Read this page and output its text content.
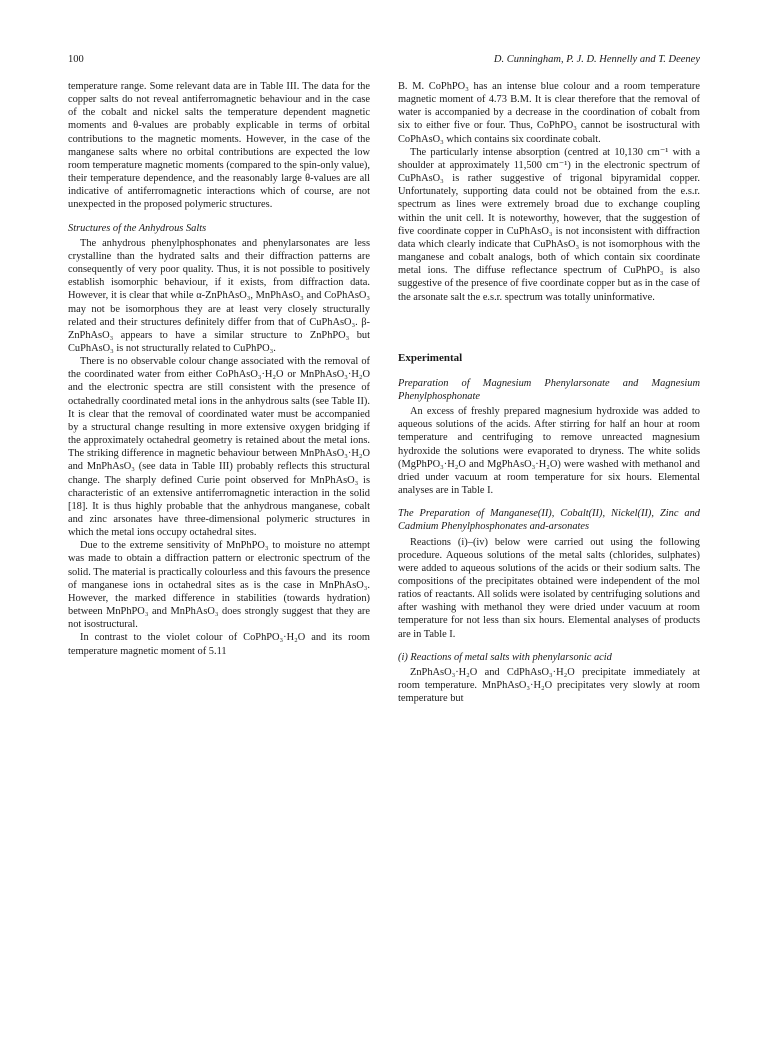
100	D. Cunningham, P. J. D. Hennelly and T. Deeney

temperature range. Some relevant data are in Table III. The data for the copper salts do not reveal antiferromagnetic behaviour and in the case of the cobalt and nickel salts the temperature dependent magnetic moments and θ-values are probably explicable in terms of orbital contributions to the magnetic moments. However, in the case of the manganese salts where no orbital contributions are expected the low room temperature magnetic moments (compared to the spin-only value), their temperature dependence, and the reasonably large θ-values are all indicative of antiferromagnetic interactions which of course, are not unexpected in the proposed polymeric structures.

Structures of the Anhydrous Salts

The anhydrous phenylphosphonates and phenylarsonates are less crystalline than the hydrated salts and their diffraction patterns are consequently of very poor quality. Thus, it is not possible to positively establish isomorphic behaviour, if it exists, from diffraction data. However, it is clear that while α-ZnPhAsO₃, MnPhAsO₃ and CoPhAsO₃ may not be isomorphous they are at least very closely structurally related and their structures definitely differ from that of CuPhAsO₃. β-ZnPhAsO₃ appears to have a similar structure to ZnPhPO₃ but CuPhAsO₃ is not structurally related to CuPhPO₃.

There is no observable colour change associated with the removal of the coordinated water from either CoPhAsO₃·H₂O or MnPhAsO₃·H₂O and the electronic spectra are still consistent with the presence of octahedrally coordinated metal ions in the anhydrous salts (see Table II). It is clear that the removal of coordinated water must be accompanied by a structural change resulting in more extensive oxygen bridging if the approximately octahedral geometry is retained about the metal ions. The striking difference in magnetic behaviour between MnPhAsO₃·H₂O and MnPhAsO₃ (see data in Table III) probably reflects this structural change. The sharply defined Curie point observed for MnPhAsO₃ is characteristic of an extensive antiferromagnetic interaction in the solid [18]. It is thus highly probable that the anhydrous manganese, cobalt and zinc arsonates have three-dimensional polymeric structures in which the metal ions occupy octahedral sites.

Due to the extreme sensitivity of MnPhPO₃ to moisture no attempt was made to obtain a diffraction pattern or electronic spectrum of the solid. The material is practically colourless and this favours the presence of manganese ions in octahedral sites as is the case in MnPhAsO₃. However, the marked difference in stabilities (towards hydration) between MnPhPO₃ and MnPhAsO₃ does strongly suggest that they are not isostructural.

In contrast to the violet colour of CoPhPO₃·H₂O and its room temperature magnetic moment of 5.11

B. M. CoPhPO₃ has an intense blue colour and a room temperature magnetic moment of 4.73 B.M. It is clear therefore that the removal of water is accompanied by a decrease in the coordination of cobalt from six to either five or four. Thus, CoPhPO₃ cannot be isostructural with CoPhAsO₃ which contains six coordinate cobalt.

The particularly intense absorption (centred at 10,130 cm⁻¹ with a shoulder at approximately 11,500 cm⁻¹) in the electronic spectrum of CuPhAsO₃ is rather suggestive of trigonal bipyramidal copper. Unfortunately, supporting data could not be obtained from the e.s.r. spectrum as lines were extremely broad due to exchange coupling within the unit cell. It is noteworthy, however, that the suggestion of five coordinate copper in CuPhAsO₃ is not inconsistent with diffraction data which clearly indicate that CuPhAsO₃ is not isomorphous with the manganese and cobalt analogs, both of which contain six coordinate metal ions. The diffuse reflectance spectrum of CuPhPO₃ is also suggestive of the presence of five coordinate copper but as in the case of the arsonate salt the e.s.r. spectrum was totally uninformative.

Experimental

Preparation of Magnesium Phenylarsonate and Magnesium Phenylphosphonate

An excess of freshly prepared magnesium hydroxide was added to aqueous solutions of the acids. After stirring for half an hour at room temperature and centrifuging to remove unreacted magnesium hydroxide the solutions were evaporated to dryness. The white solids (MgPhPO₃·H₂O and MgPhAsO₃·H₂O) were washed with methanol and dried under vacuum at room temperature for six hours. Elemental analyses are in Table I.

The Preparation of Manganese(II), Cobalt(II), Nickel(II), Zinc and Cadmium Phenylphosphonates and-arsonates

Reactions (i)–(iv) below were carried out using the following procedure. Aqueous solutions of the metal salts (chlorides, sulphates) were added to aqueous solutions of the acids or their sodium salts. The compositions of the precipitates obtained were independent of the mol ratios of reactants. All solids were isolated by centrifuging solutions and after washing with methanol they were dried under vacuum at room temperature for not less than six hours. Elemental analyses of products are in Table I.

(i) Reactions of metal salts with phenylarsonic acid

ZnPhAsO₃·H₂O and CdPhAsO₃·H₂O precipitate immediately at room temperature. MnPhAsO₃·H₂O precipitates very slowly at room temperature but
